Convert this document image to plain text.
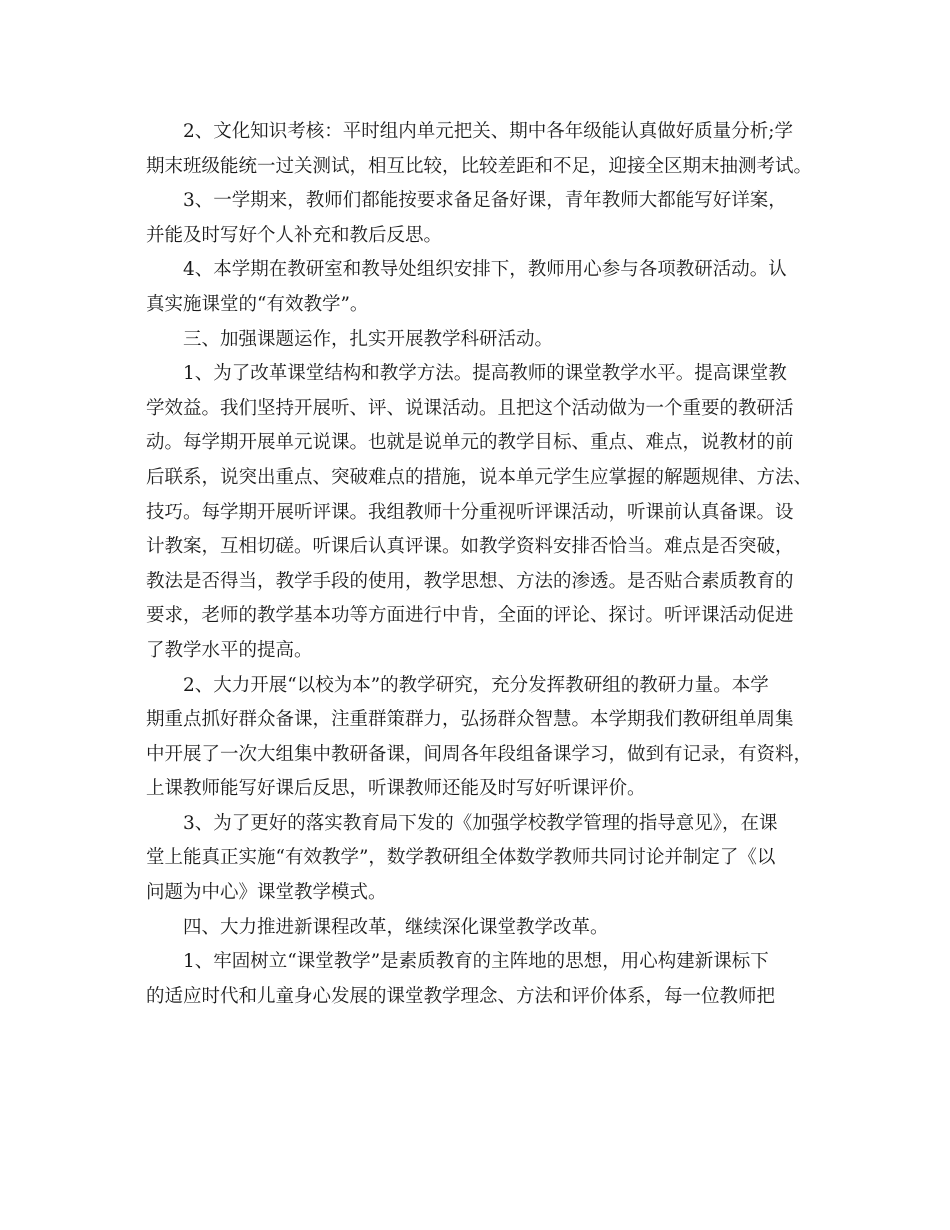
2、文化知识考核：平时组内单元把关、期中各年级能认真做好质量分析;学
期末班级能统一过关测试，相互比较，比较差距和不足，迎接全区期末抽测考试。
3、一学期来，教师们都能按要求备足备好课，青年教师大都能写好详案，
并能及时写好个人补充和教后反思。
4、本学期在教研室和教导处组织安排下，教师用心参与各项教研活动。认
真实施课堂的“有效教学”。
三、加强课题运作，扎实开展教学科研活动。
1、为了改革课堂结构和教学方法。提高教师的课堂教学水平。提高课堂教
学效益。我们坚持开展听、评、说课活动。且把这个活动做为一个重要的教研活
动。每学期开展单元说课。也就是说单元的教学目标、重点、难点，说教材的前
后联系，说突出重点、突破难点的措施，说本单元学生应掌握的解题规律、方法、
技巧。每学期开展听评课。我组教师十分重视听评课活动，听课前认真备课。设
计教案，互相切磋。听课后认真评课。如教学资料安排否恰当。难点是否突破，
教法是否得当，教学手段的使用，教学思想、方法的渗透。是否贴合素质教育的
要求，老师的教学基本功等方面进行中肯，全面的评论、探讨。听评课活动促进
了教学水平的提高。
2、大力开展“以校为本”的教学研究，充分发挥教研组的教研力量。本学
期重点抓好群众备课，注重群策群力，弘扬群众智慧。本学期我们教研组单周集
中开展了一次大组集中教研备课，间周各年段组备课学习，做到有记录，有资料，
上课教师能写好课后反思，听课教师还能及时写好听课评价。
3、为了更好的落实教育局下发的《加强学校教学管理的指导意见》，在课
堂上能真正实施“有效教学”，数学教研组全体数学教师共同讨论并制定了《以
问题为中心》课堂教学模式。
四、大力推进新课程改革，继续深化课堂教学改革。
1、牢固树立“课堂教学”是素质教育的主阵地的思想，用心构建新课标下
的适应时代和儿童身心发展的课堂教学理念、方法和评价体系，每一位教师把
